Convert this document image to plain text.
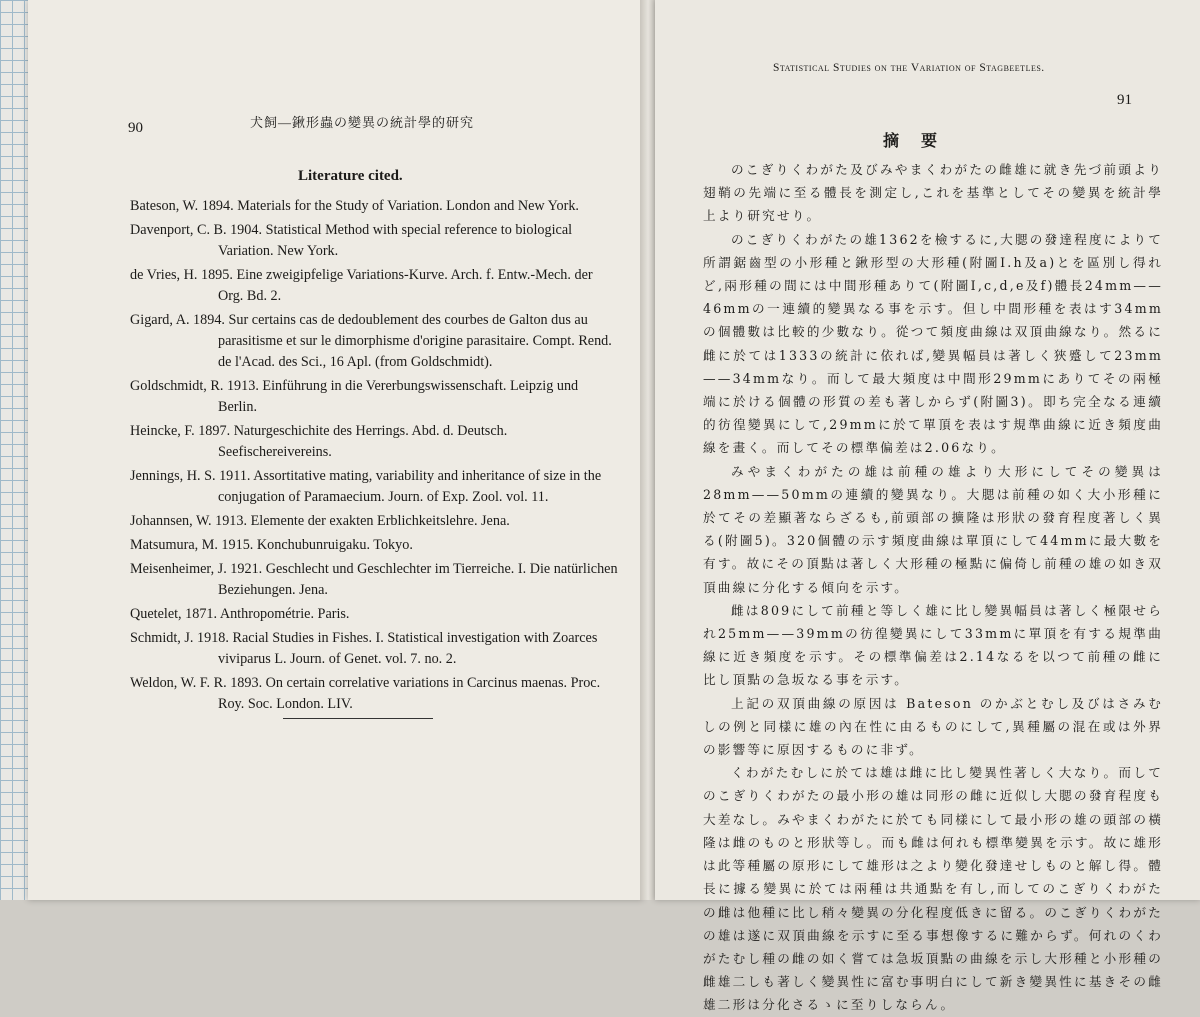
90	犬飼—鍬形蟲の變異の統計學的研究
Literature cited.

Bateson, W. 1894. Materials for the Study of Variation. London and New York.

Davenport, C. B. 1904. Statistical Method with special reference to biological Variation. New York.

de Vries, H. 1895. Eine zweigipfelige Variations-Kurve. Arch. f. Entw.-Mech. der Org. Bd. 2.

Gigard, A. 1894. Sur certains cas de dedoublement des courbes de Galton dus au parasitisme et sur le dimorphisme d'origine parasitaire. Compt. Rend. de l'Acad. des Sci., 16 Apl. (from Goldschmidt).

Goldschmidt, R. 1913. Einführung in die Vererbungswissenschaft. Leipzig und Berlin.

Heincke, F. 1897. Naturgeschichite des Herrings. Abd. d. Deutsch. Seefischereivereins.

Jennings, H. S. 1911. Assortitative mating, variability and inheritance of size in the conjugation of Paramaecium. Journ. of Exp. Zool. vol. 11.

Johannsen, W. 1913. Elemente der exakten Erblichkeitslehre. Jena.

Matsumura, M. 1915. Konchubunruigaku. Tokyo.

Meisenheimer, J. 1921. Geschlecht und Geschlechter im Tierreiche. I. Die natürlichen Beziehungen. Jena.

Quetelet, 1871. Anthropométrie. Paris.

Schmidt, J. 1918. Racial Studies in Fishes. I. Statistical investigation with Zoarces viviparus L. Journ. of Genet. vol. 7. no. 2.

Weldon, W. F. R. 1893. On certain correlative variations in Carcinus maenas. Proc. Roy. Soc. London. LIV.

Statistical Studies on the Variation of Stagbeetles.
91
摘要

のこぎりくわがた及びみやまくわがたの雌雄に就き先づ前頭より翅鞘の先端に至る體長を測定し,これを基準としてその變異を統計學上より研究せり。

のこぎりくわがたの雄1362を檢するに,大腮の發達程度によりて所謂鋸齒型の小形種と鍬形型の大形種(附圖I.h及a)とを區別し得れど,兩形種の間には中間形種ありて(附圖I,c,d,e及f)體長24mm——46mmの一連續的變異なる事を示す。但し中間形種を表はす34mmの個體數は比較的少數なり。從つて頻度曲線は双頂曲線なり。然るに雌に於ては1333の統計に依れば,變異幅員は著しく狹蹙して23mm——34mmなり。而して最大頻度は中間形29mmにありてその兩極端に於ける個體の形質の差も著しからず(附圖3)。即ち完全なる連續的彷徨變異にして,29mmに於て單頂を表はす規準曲線に近き頻度曲線を畫く。而してその標準偏差は2.06なり。

みやまくわがたの雄は前種の雄より大形にしてその變異は28mm——50mmの連續的變異なり。大腮は前種の如く大小形種に於てその差顯著ならざるも,前頭部の擴隆は形狀の發育程度著しく異る(附圖5)。320個體の示す頻度曲線は單頂にして44mmに最大數を有す。故にその頂點は著しく大形種の極點に偏倚し前種の雄の如き双頂曲線に分化する傾向を示す。

雌は809にして前種と等しく雄に比し變異幅員は著しく極限せられ25mm——39mmの彷徨變異にして33mmに單頂を有する規準曲線に近き頻度を示す。その標準偏差は2.14なるを以つて前種の雌に比し頂點の急坂なる事を示す。

上記の双頂曲線の原因は Bateson のかぶとむし及びはさみむしの例と同樣に雄の內在性に由るものにして,異種屬の混在或は外界の影響等に原因するものに非ず。

くわがたむしに於ては雄は雌に比し變異性著しく大なり。而してのこぎりくわがたの最小形の雄は同形の雌に近似し大腮の發育程度も大差なし。みやまくわがたに於ても同樣にして最小形の雄の頭部の橫隆は雌のものと形狀等し。而も雌は何れも標準變異を示す。故に雄形は此等種屬の原形にして雄形は之より變化發達せしものと解し得。體長に據る變異に於ては兩種は共通點を有し,而してのこぎりくわがたの雌は他種に比し稍々變異の分化程度低きに留る。のこぎりくわがたの雄は遂に双頂曲線を示すに至る事想像するに難からず。何れのくわがたむし種の雌の如く嘗ては急坂頂點の曲線を示し大形種と小形種の雌雄二しも著しく變異性に富む事明白にして新き變異性に基きその雌雄二形は分化さるゝに至りしならん。
